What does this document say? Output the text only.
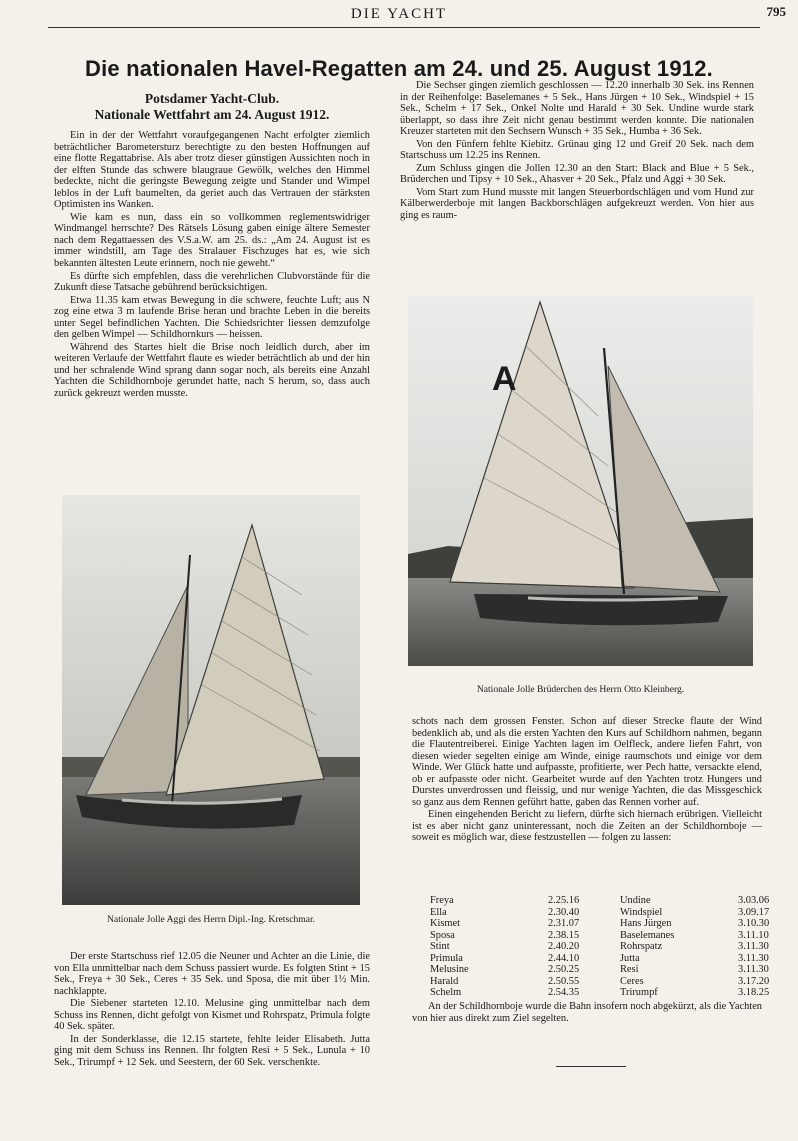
DIE YACHT	795
Die nationalen Havel-Regatten am 24. und 25. August 1912.
Potsdamer Yacht-Club.
Nationale Wettfahrt am 24. August 1912.

Ein in der der Wettfahrt voraufgegangenen Nacht erfolgter ziemlich beträchtlicher Barometersturz berechtigte zu den besten Hoffnungen auf eine flotte Regattabrise. Als aber trotz dieser günstigen Aussichten noch in der elften Stunde das schwere blaugraue Gewölk, welches den Himmel bedeckte, nicht die geringste Bewegung zeigte und Stander und Wimpel leblos in der Luft baumelten, da geriet auch das Vertrauen der stärksten Optimisten ins Wanken.

Wie kam es nun, dass ein so vollkommen reglementswidriger Windmangel herrschte? Des Rätsels Lösung gaben einige ältere Semester nach dem Regattaessen des V.S.a.W. am 25. ds.: „Am 24. August ist es immer windstill, am Tage des Stralauer Fischzuges hat es, wie sich bekannten ältesten Leute erinnern, noch nie geweht.“

Es dürfte sich empfehlen, dass die verehrlichen Clubvorstände für die Zukunft diese Tatsache gebührend berücksichtigen.

Etwa 11.35 kam etwas Bewegung in die schwere, feuchte Luft; aus N zog eine etwa 3 m laufende Brise heran und brachte Leben in die bereits unter Segel befindlichen Yachten. Die Schiedsrichter liessen demzufolge den gelben Wimpel — Schildhornkurs — heissen.

Während des Startes hielt die Brise noch leidlich durch, aber im weiteren Verlaufe der Wettfahrt flaute es wieder beträchtlich ab und der hin und her schralende Wind sprang dann sogar noch, als bereits eine Anzahl Yachten die Schildhornboje gerundet hatte, nach S herum, so, dass auch zurück gekreuzt werden musste.

Nationale Jolle Aggi des Herrn Dipl.-Ing. Kretschmar.

Der erste Startschuss rief 12.05 die Neuner und Achter an die Linie, die von Ella unmittelbar nach dem Schuss passiert wurde. Es folgten Stint + 15 Sek., Freya + 30 Sek., Ceres + 35 Sek. und Sposa, die mit über 1½ Min. nachklappte.

Die Siebener starteten 12.10. Melusine ging unmittelbar nach dem Schuss ins Rennen, dicht gefolgt von Kismet und Rohrspatz, Primula folgte 40 Sek. später.

In der Sonderklasse, die 12.15 startete, fehlte leider Elisabeth. Jutta ging mit dem Schuss ins Rennen. Ihr folgten Resi + 5 Sek., Lunula + 10 Sek., Trirumpf + 12 Sek. und Seestern, der 60 Sek. verschenkte.

Die Sechser gingen ziemlich geschlossen — 12.20 innerhalb 30 Sek. ins Rennen in der Reihenfolge: Baselemanes + 5 Sek., Hans Jürgen + 10 Sek., Windspiel + 15 Sek., Schelm + 17 Sek., Onkel Nolte und Harald + 30 Sek. Undine wurde stark überlappt, so dass ihre Zeit nicht genau bestimmt werden konnte. Die nationalen Kreuzer starteten mit den Sechsern Wunsch + 35 Sek., Humba + 36 Sek.

Von den Fünfern fehlte Kiebitz. Grünau ging 12 und Greif 20 Sek. nach dem Startschuss um 12.25 ins Rennen.

Zum Schluss gingen die Jollen 12.30 an den Start: Black and Blue + 5 Sek., Brüderchen und Tipsy + 10 Sek., Ahasver + 20 Sek., Pfalz und Aggi + 30 Sek.

Vom Start zum Hund musste mit langen Steuerbordschlägen und vom Hund zur Kälberwerderboje mit langen Backborschlägen aufgekreuzt werden. Von hier aus ging es raum-

A
Nationale Jolle Brüderchen des Herrn Otto Kleinberg.

schots nach dem grossen Fenster. Schon auf dieser Strecke flaute der Wind bedenklich ab, und als die ersten Yachten den Kurs auf Schildhorn nahmen, begann die Flautentreiberei. Einige Yachten lagen im Oelfleck, andere liefen Fahrt, von diesen wieder segelten einige am Winde, einige raumschots und einige vor dem Winde. Wer Glück hatte und aufpasste, profitierte, wer Pech hatte, versackte elend, ob er aufpasste oder nicht. Gearbeitet wurde auf den Yachten trotz Hungers und Durstes unverdrossen und fleissig, und nur wenige Yachten, die das Missgeschick so ganz aus dem Rennen geführt hatte, gaben das Rennen vorher auf.

Einen eingehenden Bericht zu liefern, dürfte sich hiernach erübrigen. Vielleicht ist es aber nicht ganz uninteressant, noch die Zeiten an der Schildhornboje — soweit es möglich war, diese festzustellen — folgen zu lassen:

Freya	2.25.16	Undine	3.03.06
Ella	2.30.40	Windspiel	3.09.17
Kismet	2.31.07	Hans Jürgen	3.10.30
Sposa	2.38.15	Baselemanes	3.11.10
Stint	2.40.20	Rohrspatz	3.11.30
Primula	2.44.10	Jutta	3.11.30
Melusine	2.50.25	Resi	3.11.30
Harald	2.50.55	Ceres	3.17.20
Schelm	2.54.35	Trirumpf	3.18.25

An der Schildhornboje wurde die Bahn insofern noch abgekürzt, als die Yachten von hier aus direkt zum Ziel segelten.
